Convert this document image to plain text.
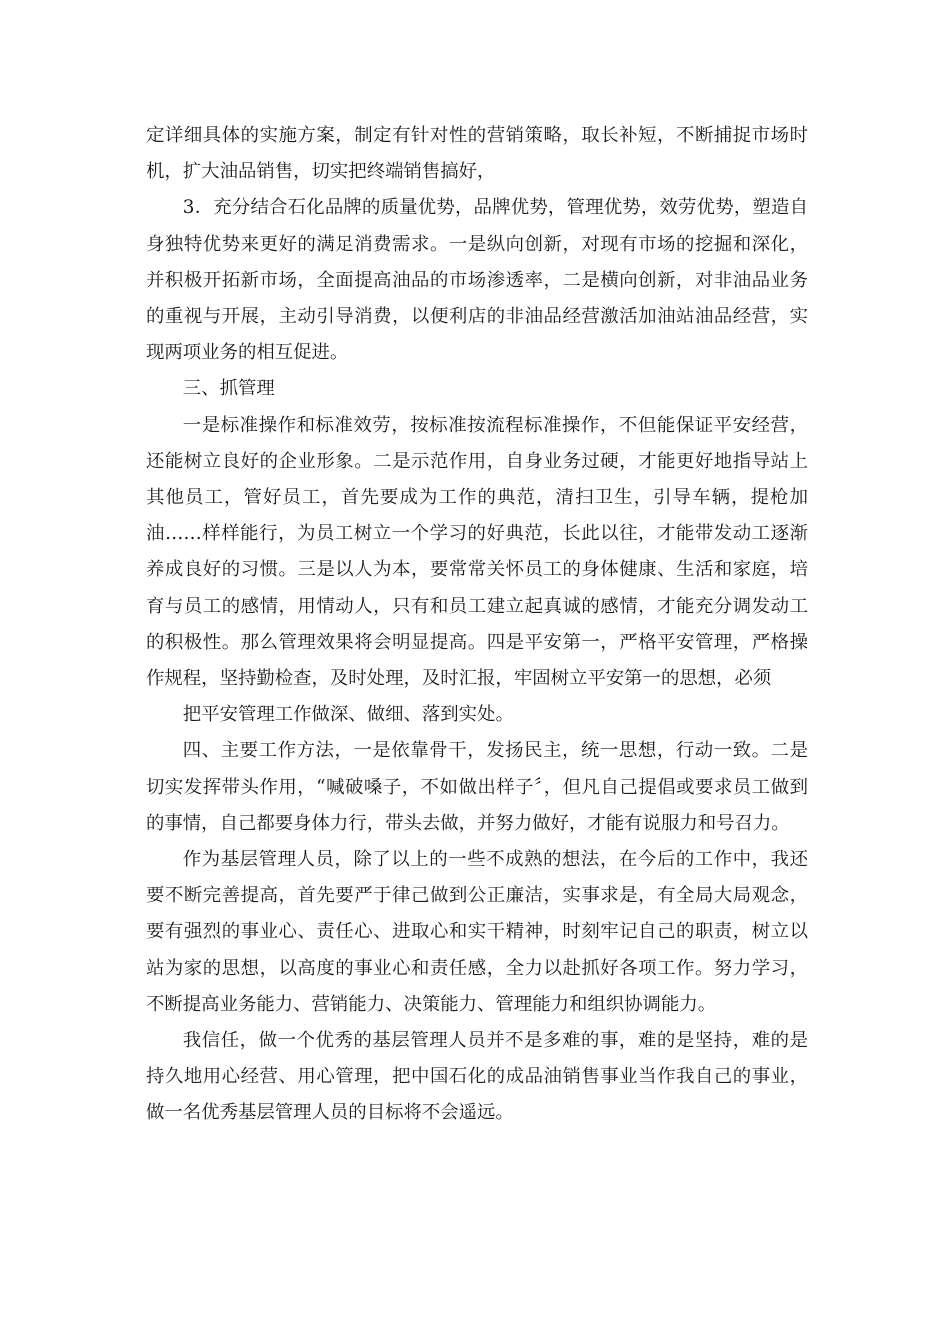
定详细具体的实施方案，制定有针对性的营销策略，取长补短，不断捕捉市场时机，扩大油品销售，切实把终端销售搞好，

3．充分结合石化品牌的质量优势，品牌优势，管理优势，效劳优势，塑造自身独特优势来更好的满足消费需求。一是纵向创新，对现有市场的挖掘和深化，并积极开拓新市场，全面提高油品的市场渗透率，二是横向创新，对非油品业务的重视与开展，主动引导消费，以便利店的非油品经营激活加油站油品经营，实现两项业务的相互促进。

三、抓管理

一是标准操作和标准效劳，按标准按流程标准操作，不但能保证平安经营，还能树立良好的企业形象。二是示范作用，自身业务过硬，才能更好地指导站上其他员工，管好员工，首先要成为工作的典范，清扫卫生，引导车辆，提枪加油……样样能行，为员工树立一个学习的好典范，长此以往，才能带发动工逐渐养成良好的习惯。三是以人为本，要常常关怀员工的身体健康、生活和家庭，培育与员工的感情，用情动人，只有和员工建立起真诚的感情，才能充分调发动工的积极性。那么管理效果将会明显提高。四是平安第一，严格平安管理，严格操作规程，坚持勤检查，及时处理，及时汇报，牢固树立平安第一的思想，必须

把平安管理工作做深、做细、落到实处。

四、主要工作方法，一是依靠骨干，发扬民主，统一思想，行动一致。二是切实发挥带头作用，“喊破嗓子，不如做出样子〞，但凡自己提倡或要求员工做到的事情，自己都要身体力行，带头去做，并努力做好，才能有说服力和号召力。

作为基层管理人员，除了以上的一些不成熟的想法，在今后的工作中，我还要不断完善提高，首先要严于律己做到公正廉洁，实事求是，有全局大局观念，要有强烈的事业心、责任心、进取心和实干精神，时刻牢记自己的职责，树立以站为家的思想，以高度的事业心和责任感，全力以赴抓好各项工作。努力学习，不断提高业务能力、营销能力、决策能力、管理能力和组织协调能力。

我信任，做一个优秀的基层管理人员并不是多难的事，难的是坚持，难的是持久地用心经营、用心管理，把中国石化的成品油销售事业当作我自己的事业，做一名优秀基层管理人员的目标将不会遥远。
